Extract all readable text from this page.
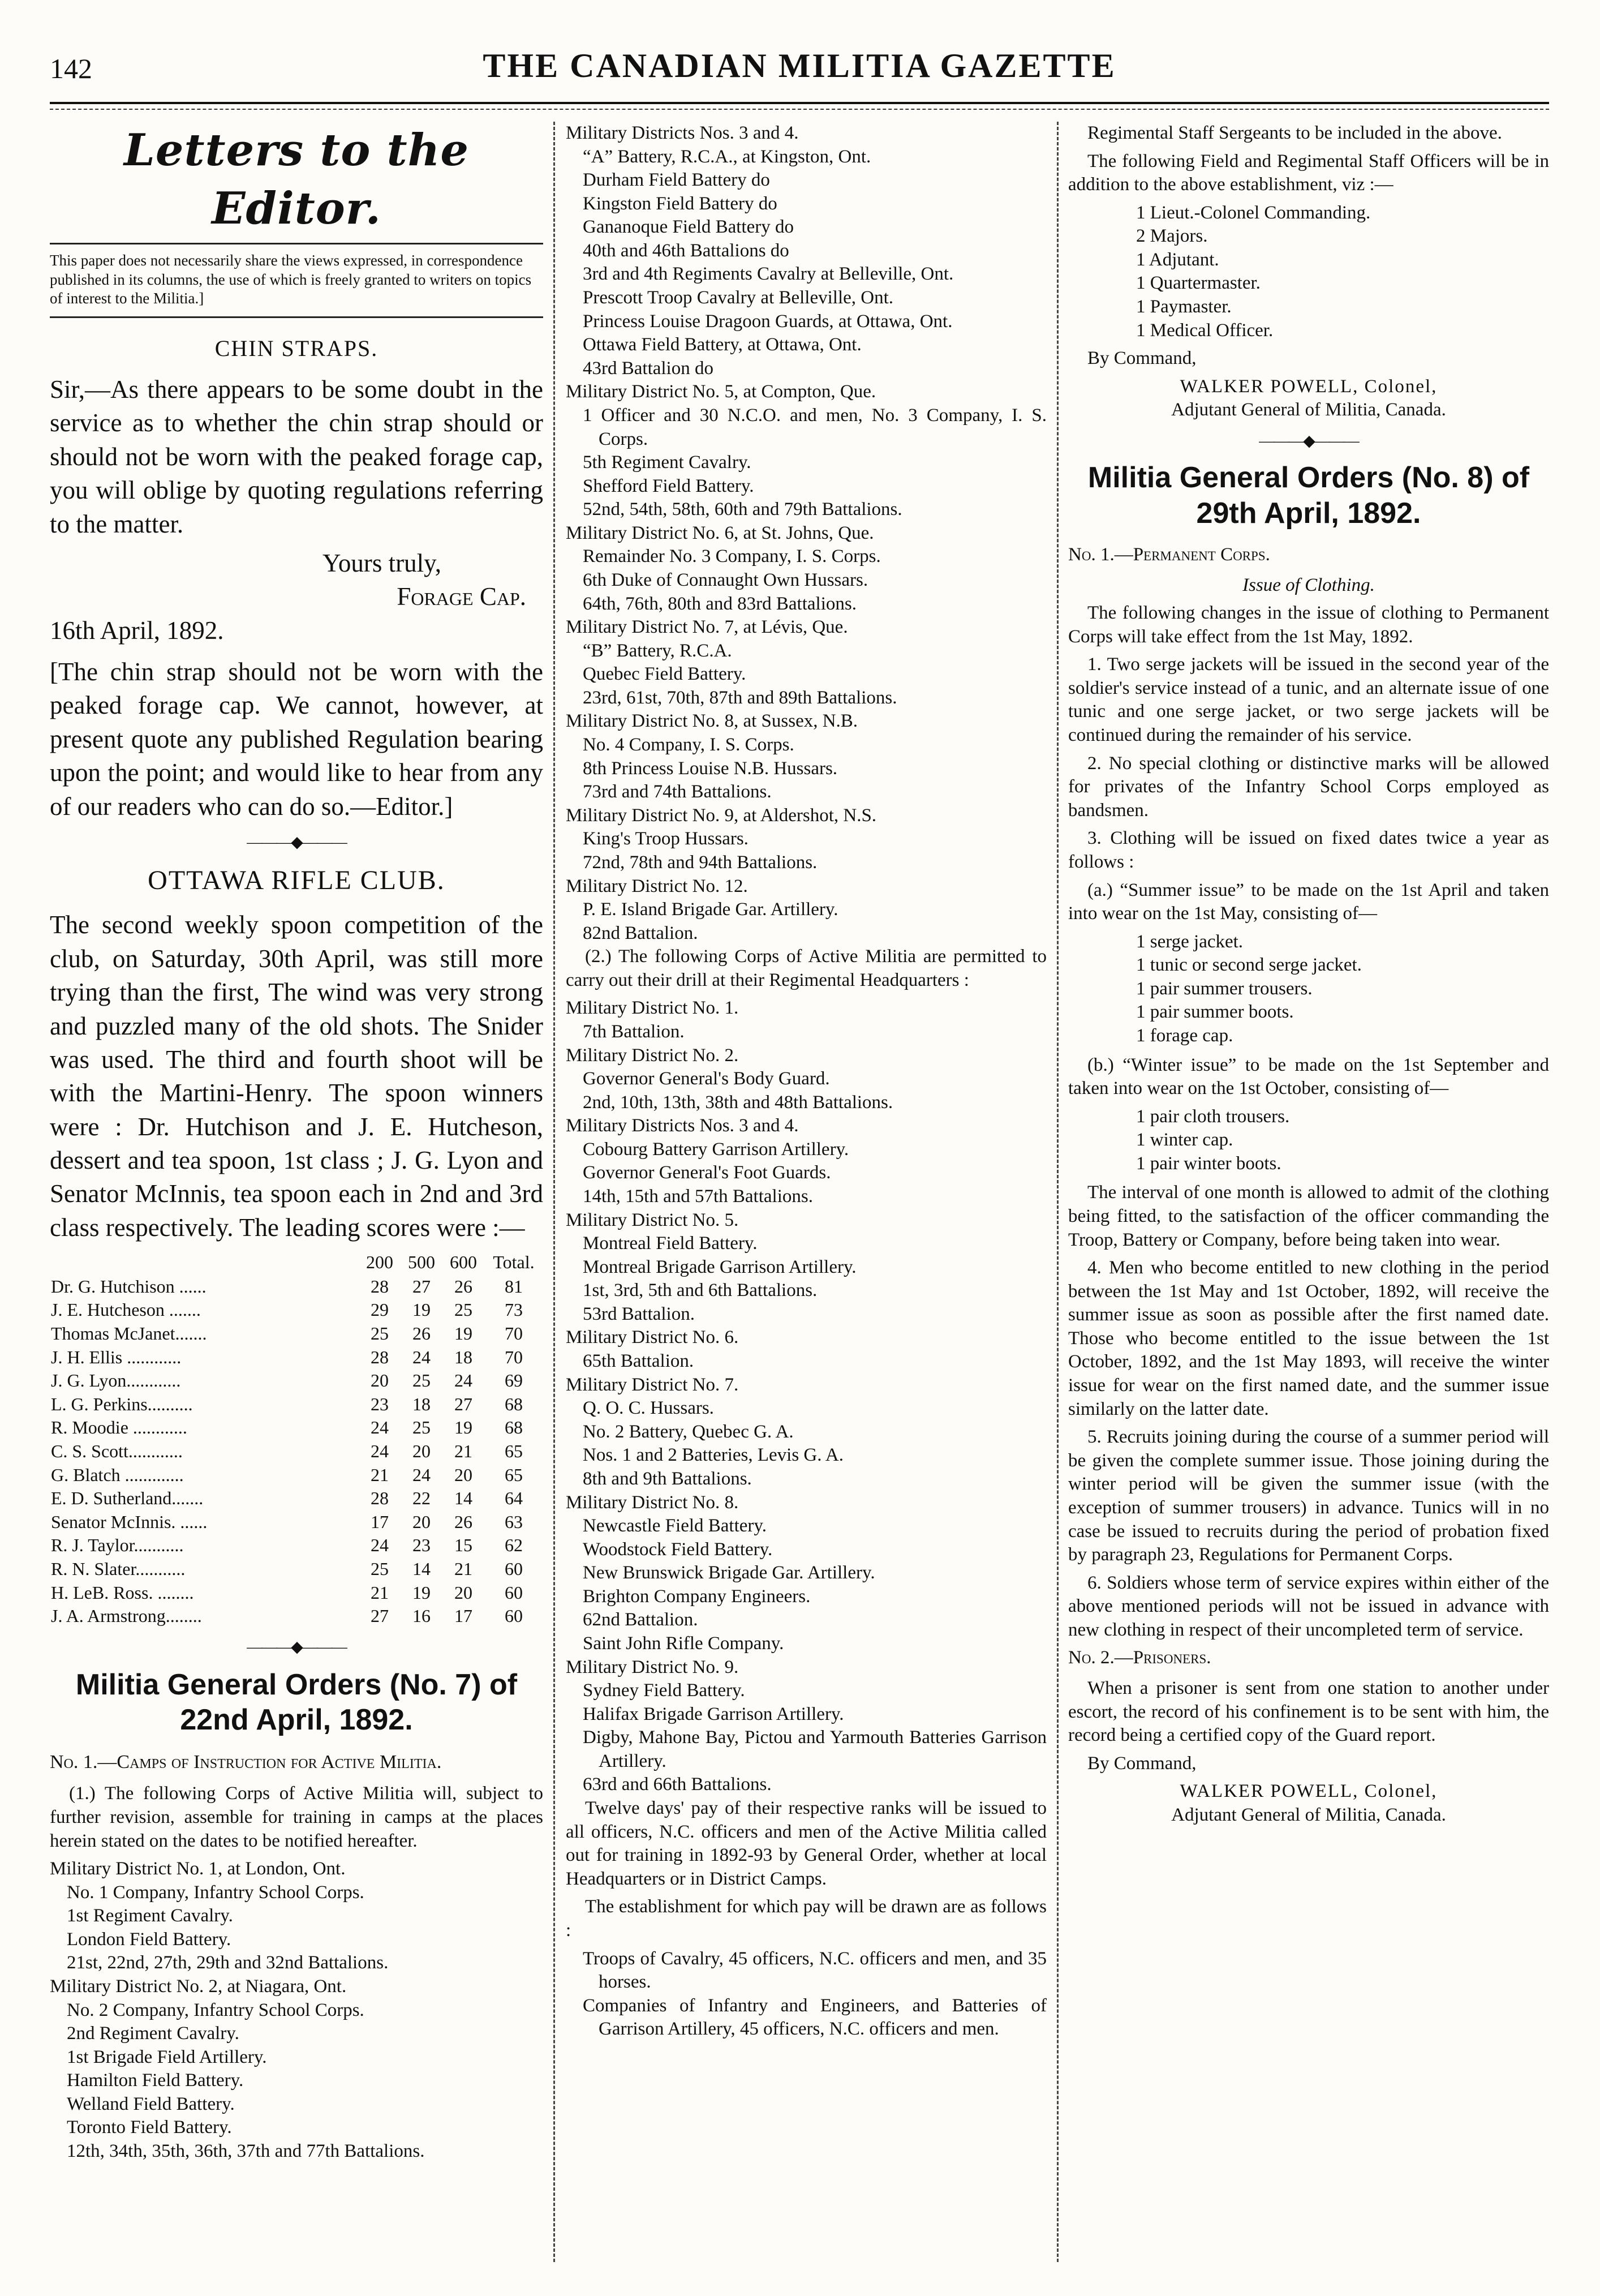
142	THE CANADIAN MILITIA GAZETTE
Letters to the Editor.
This paper does not necessarily share the views expressed, in correspondence published in its columns, the use of which is freely granted to writers on topics of interest to the Militia.]
CHIN STRAPS.

Sir,—As there appears to be some doubt in the service as to whether the chin strap should or should not be worn with the peaked forage cap, you will oblige by quoting regulations referring to the matter.

Yours truly,

Forage Cap.

16th April, 1892.

[The chin strap should not be worn with the peaked forage cap. We cannot, however, at present quote any published Regulation bearing upon the point; and would like to hear from any of our readers who can do so.—Editor.]

———◆———
OTTAWA RIFLE CLUB.

The second weekly spoon competition of the club, on Saturday, 30th April, was still more trying than the first, The wind was very strong and puzzled many of the old shots. The Snider was used. The third and fourth shoot will be with the Martini-Henry. The spoon winners were : Dr. Hutchison and J. E. Hutcheson, dessert and tea spoon, 1st class ; J. G. Lyon and Senator McInnis, tea spoon each in 2nd and 3rd class respectively. The leading scores were :—

	200	500	600	Total.
Dr. G. Hutchison ......	28	27	26	81
J. E. Hutcheson .......	29	19	25	73
Thomas McJanet.......	25	26	19	70
J. H. Ellis ............	28	24	18	70
J. G. Lyon............	20	25	24	69
L. G. Perkins..........	23	18	27	68
R. Moodie ............	24	25	19	68
C. S. Scott............	24	20	21	65
G. Blatch .............	21	24	20	65
E. D. Sutherland.......	28	22	14	64
Senator McInnis. ......	17	20	26	63
R. J. Taylor...........	24	23	15	62
R. N. Slater...........	25	14	21	60
H. LeB. Ross. ........	21	19	20	60
J. A. Armstrong........	27	16	17	60
———◆———
Militia General Orders (No. 7) of 22nd April, 1892.

No. 1.—Camps of Instruction for Active Militia.

(1.) The following Corps of Active Militia will, subject to further revision, assemble for training in camps at the places herein stated on the dates to be notified hereafter.

Military District No. 1, at London, Ont.

No. 1 Company, Infantry School Corps.

1st Regiment Cavalry.

London Field Battery.

21st, 22nd, 27th, 29th and 32nd Battalions.

Military District No. 2, at Niagara, Ont.

No. 2 Company, Infantry School Corps.

2nd Regiment Cavalry.

1st Brigade Field Artillery.

Hamilton Field Battery.

Welland Field Battery.

Toronto Field Battery.

12th, 34th, 35th, 36th, 37th and 77th Battalions.

Military Districts Nos. 3 and 4.

“A” Battery, R.C.A., at Kingston, Ont.

Durham Field Battery do

Kingston Field Battery do

Gananoque Field Battery do

40th and 46th Battalions do

3rd and 4th Regiments Cavalry at Belleville, Ont.

Prescott Troop Cavalry at Belleville, Ont.

Princess Louise Dragoon Guards, at Ottawa, Ont.

Ottawa Field Battery, at Ottawa, Ont.

43rd Battalion do

Military District No. 5, at Compton, Que.

1 Officer and 30 N.C.O. and men, No. 3 Company, I. S. Corps.

5th Regiment Cavalry.

Shefford Field Battery.

52nd, 54th, 58th, 60th and 79th Battalions.

Military District No. 6, at St. Johns, Que.

Remainder No. 3 Company, I. S. Corps.

6th Duke of Connaught Own Hussars.

64th, 76th, 80th and 83rd Battalions.

Military District No. 7, at Lévis, Que.

“B” Battery, R.C.A.

Quebec Field Battery.

23rd, 61st, 70th, 87th and 89th Battalions.

Military District No. 8, at Sussex, N.B.

No. 4 Company, I. S. Corps.

8th Princess Louise N.B. Hussars.

73rd and 74th Battalions.

Military District No. 9, at Aldershot, N.S.

King's Troop Hussars.

72nd, 78th and 94th Battalions.

Military District No. 12.

P. E. Island Brigade Gar. Artillery.

82nd Battalion.

(2.) The following Corps of Active Militia are permitted to carry out their drill at their Regimental Headquarters :

Military District No. 1.

7th Battalion.

Military District No. 2.

Governor General's Body Guard.

2nd, 10th, 13th, 38th and 48th Battalions.

Military Districts Nos. 3 and 4.

Cobourg Battery Garrison Artillery.

Governor General's Foot Guards.

14th, 15th and 57th Battalions.

Military District No. 5.

Montreal Field Battery.

Montreal Brigade Garrison Artillery.

1st, 3rd, 5th and 6th Battalions.

53rd Battalion.

Military District No. 6.

65th Battalion.

Military District No. 7.

Q. O. C. Hussars.

No. 2 Battery, Quebec G. A.

Nos. 1 and 2 Batteries, Levis G. A.

8th and 9th Battalions.

Military District No. 8.

Newcastle Field Battery.

Woodstock Field Battery.

New Brunswick Brigade Gar. Artillery.

Brighton Company Engineers.

62nd Battalion.

Saint John Rifle Company.

Military District No. 9.

Sydney Field Battery.

Halifax Brigade Garrison Artillery.

Digby, Mahone Bay, Pictou and Yarmouth Batteries Garrison Artillery.

63rd and 66th Battalions.

Twelve days' pay of their respective ranks will be issued to all officers, N.C. officers and men of the Active Militia called out for training in 1892-93 by General Order, whether at local Headquarters or in District Camps.

The establishment for which pay will be drawn are as follows :

Troops of Cavalry, 45 officers, N.C. officers and men, and 35 horses.

Companies of Infantry and Engineers, and Batteries of Garrison Artillery, 45 officers, N.C. officers and men.

Regimental Staff Sergeants to be included in the above.

The following Field and Regimental Staff Officers will be in addition to the above establishment, viz :—

1 Lieut.-Colonel Commanding.

2 Majors.

1 Adjutant.

1 Quartermaster.

1 Paymaster.

1 Medical Officer.

By Command,

WALKER POWELL, Colonel,
Adjutant General of Militia, Canada.
———◆———
Militia General Orders (No. 8) of 29th April, 1892.

No. 1.—Permanent Corps.

Issue of Clothing.

The following changes in the issue of clothing to Permanent Corps will take effect from the 1st May, 1892.

1. Two serge jackets will be issued in the second year of the soldier's service instead of a tunic, and an alternate issue of one tunic and one serge jacket, or two serge jackets will be continued during the remainder of his service.

2. No special clothing or distinctive marks will be allowed for privates of the Infantry School Corps employed as bandsmen.

3. Clothing will be issued on fixed dates twice a year as follows :

(a.) “Summer issue” to be made on the 1st April and taken into wear on the 1st May, consisting of—

1 serge jacket.

1 tunic or second serge jacket.

1 pair summer trousers.

1 pair summer boots.

1 forage cap.

(b.) “Winter issue” to be made on the 1st September and taken into wear on the 1st October, consisting of—

1 pair cloth trousers.

1 winter cap.

1 pair winter boots.

The interval of one month is allowed to admit of the clothing being fitted, to the satisfaction of the officer commanding the Troop, Battery or Company, before being taken into wear.

4. Men who become entitled to new clothing in the period between the 1st May and 1st October, 1892, will receive the summer issue as soon as possible after the first named date. Those who become entitled to the issue between the 1st October, 1892, and the 1st May 1893, will receive the winter issue for wear on the first named date, and the summer issue similarly on the latter date.

5. Recruits joining during the course of a summer period will be given the complete summer issue. Those joining during the winter period will be given the summer issue (with the exception of summer trousers) in advance. Tunics will in no case be issued to recruits during the period of probation fixed by paragraph 23, Regulations for Permanent Corps.

6. Soldiers whose term of service expires within either of the above mentioned periods will not be issued in advance with new clothing in respect of their uncompleted term of service.

No. 2.—Prisoners.

When a prisoner is sent from one station to another under escort, the record of his confinement is to be sent with him, the record being a certified copy of the Guard report.

By Command,

WALKER POWELL, Colonel,
Adjutant General of Militia, Canada.
